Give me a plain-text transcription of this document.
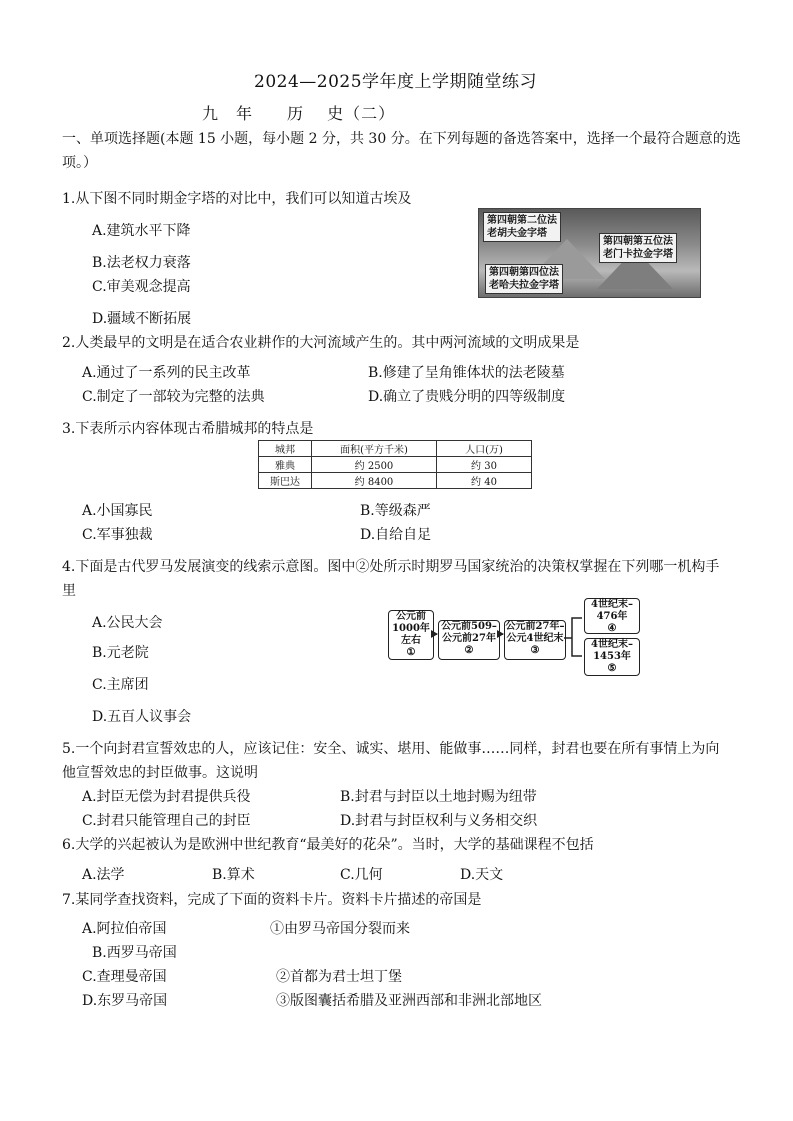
2024—2025学年度上学期随堂练习
九　年　　历　 史（二）
一、单项选择题(本题 15 小题，每小题 2 分，共 30 分。在下列每题的备选答案中，选择一个最符合题意的选
项。）
1.从下图不同时期金字塔的对比中，我们可以知道古埃及
A.建筑水平下降
B.法老权力衰落
C.审美观念提高
D.疆域不断拓展
第四朝第二位法
老胡夫金字塔
第四朝第五位法
老门卡拉金字塔
第四朝第四位法
老哈夫拉金字塔
2.人类最早的文明是在适合农业耕作的大河流域产生的。其中两河流域的文明成果是
A.通过了一系列的民主改革	B.修建了呈角锥体状的法老陵墓
C.制定了一部较为完整的法典	D.确立了贵贱分明的四等级制度
3.下表所示内容体现古希腊城邦的特点是
城邦	面积(平方千米)	人口(万)
雅典	约 2500	约 30
斯巴达	约 8400	约 40
A.小国寡民	B.等级森严
C.军事独裁	D.自给自足
4.下面是古代罗马发展演变的线索示意图。图中②处所示时期罗马国家统治的决策权掌握在下列哪一机构手
里
A.公民大会
B.元老院
C.主席团
D.五百人议事会
公元前
1000年
左右
①
公元前509–
公元前27年
②
公元前27年–
公元4世纪末
③
4世纪末–
476年
④
4世纪末–
1453年
⑤
5.一个向封君宣誓效忠的人，应该记住：安全、诚实、堪用、能做事……同样，封君也要在所有事情上为向
他宣誓效忠的封臣做事。这说明
A.封臣无偿为封君提供兵役	B.封君与封臣以土地封赐为纽带
C.封君只能管理自己的封臣	D.封君与封臣权利与义务相交织
6.大学的兴起被认为是欧洲中世纪教育“最美好的花朵”。当时，大学的基础课程不包括
A.法学	B.算术	C.几何	D.天文
7.某同学查找资料，完成了下面的资料卡片。资料卡片描述的帝国是
A.阿拉伯帝国
B.西罗马帝国
C.查理曼帝国
D.东罗马帝国
①由罗马帝国分裂而来
②首都为君士坦丁堡
③版图囊括希腊及亚洲西部和非洲北部地区
